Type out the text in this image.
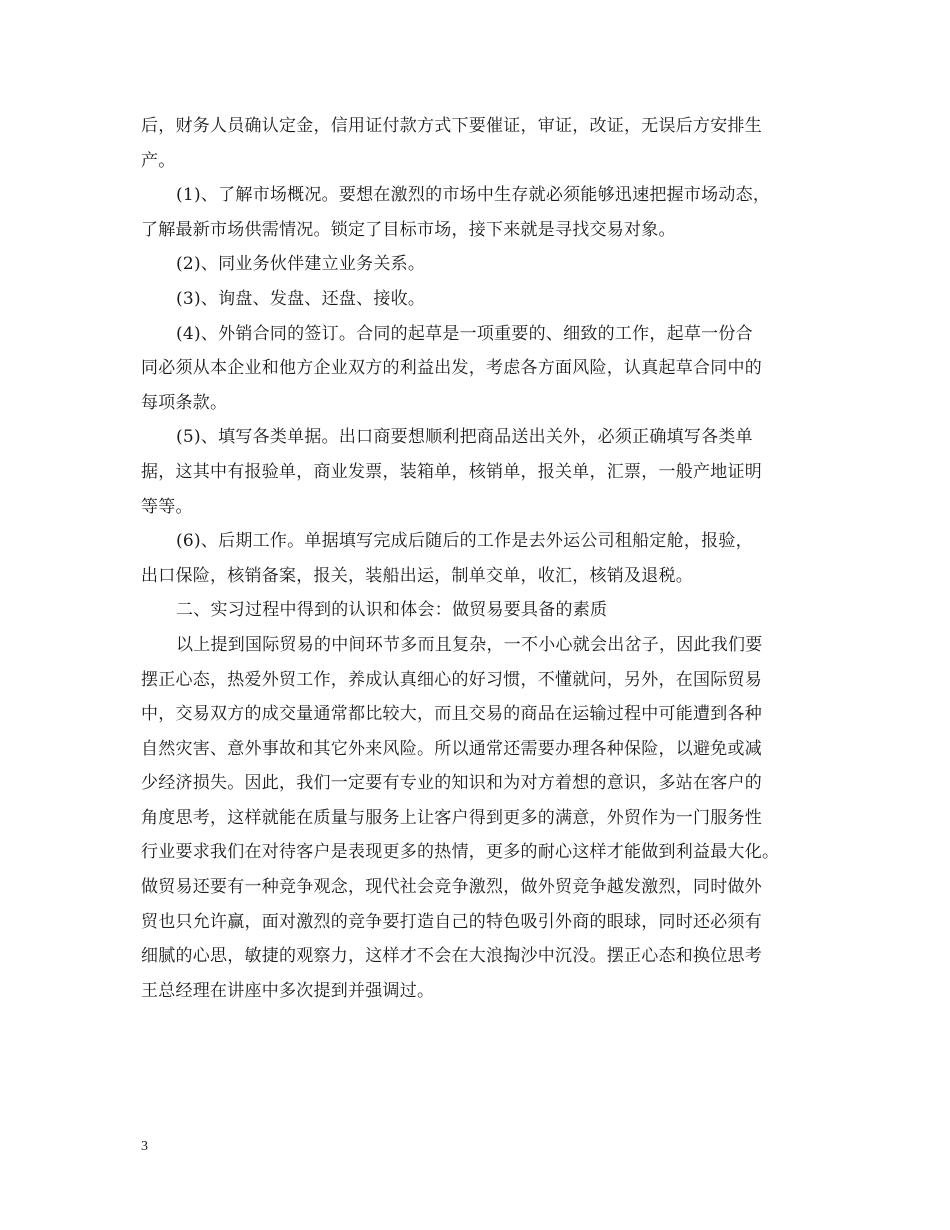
后，财务人员确认定金，信用证付款方式下要催证，审证，改证，无误后方安排生
产。
(1)、了解市场概况。要想在激烈的市场中生存就必须能够迅速把握市场动态，
了解最新市场供需情况。锁定了目标市场，接下来就是寻找交易对象。
(2)、同业务伙伴建立业务关系。
(3)、询盘、发盘、还盘、接收。
(4)、外销合同的签订。合同的起草是一项重要的、细致的工作，起草一份合
同必须从本企业和他方企业双方的利益出发，考虑各方面风险，认真起草合同中的
每项条款。
(5)、填写各类单据。出口商要想顺利把商品送出关外，必须正确填写各类单
据，这其中有报验单，商业发票，装箱单，核销单，报关单，汇票，一般产地证明
等等。
(6)、后期工作。单据填写完成后随后的工作是去外运公司租船定舱，报验，
出口保险，核销备案，报关，装船出运，制单交单，收汇，核销及退税。
二、实习过程中得到的认识和体会：做贸易要具备的素质
以上提到国际贸易的中间环节多而且复杂，一不小心就会出岔子，因此我们要
摆正心态，热爱外贸工作，养成认真细心的好习惯，不懂就问，另外，在国际贸易
中，交易双方的成交量通常都比较大，而且交易的商品在运输过程中可能遭到各种
自然灾害、意外事故和其它外来风险。所以通常还需要办理各种保险，以避免或减
少经济损失。因此，我们一定要有专业的知识和为对方着想的意识，多站在客户的
角度思考，这样就能在质量与服务上让客户得到更多的满意，外贸作为一门服务性
行业要求我们在对待客户是表现更多的热情，更多的耐心这样才能做到利益最大化。
做贸易还要有一种竞争观念，现代社会竞争激烈，做外贸竞争越发激烈，同时做外
贸也只允许赢，面对激烈的竞争要打造自己的特色吸引外商的眼球，同时还必须有
细腻的心思，敏捷的观察力，这样才不会在大浪掏沙中沉没。摆正心态和换位思考
王总经理在讲座中多次提到并强调过。
3
